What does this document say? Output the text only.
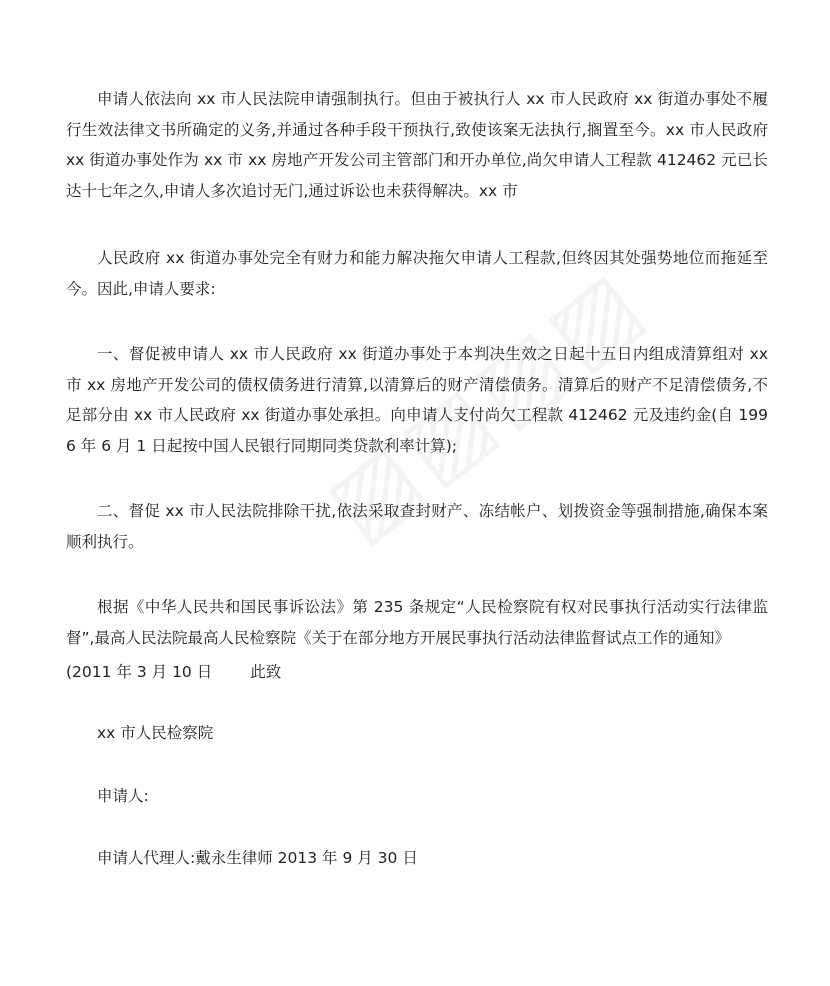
申请人依法向 xx 市人民法院申请强制执行。但由于被执行人 xx 市人民政府 xx 街道办事处不履行生效法律文书所确定的义务,并通过各种手段干预执行,致使该案无法执行,搁置至今。xx 市人民政府 xx 街道办事处作为 xx 市 xx 房地产开发公司主管部门和开办单位,尚欠申请人工程款 412462 元已长达十七年之久,申请人多次追讨无门,通过诉讼也未获得解决。xx 市

人民政府 xx 街道办事处完全有财力和能力解决拖欠申请人工程款,但终因其处强势地位而拖延至今。因此,申请人要求:

一、督促被申请人 xx 市人民政府 xx 街道办事处于本判决生效之日起十五日内组成清算组对 xx 市 xx 房地产开发公司的债权债务进行清算,以清算后的财产清偿债务。清算后的财产不足清偿债务,不足部分由 xx 市人民政府 xx 街道办事处承担。向申请人支付尚欠工程款 412462 元及违约金(自 1996 年 6 月 1 日起按中国人民银行同期同类贷款利率计算);

二、督促 xx 市人民法院排除干扰,依法采取查封财产、冻结帐户、划拨资金等强制措施,确保本案顺利执行。

根据《中华人民共和国民事诉讼法》第 235 条规定“人民检察院有权对民事执行活动实行法律监督”,最高人民法院最高人民检察院《关于在部分地方开展民事执行活动法律监督试点工作的通知》

(2011 年 3 月 10 日 此致

xx 市人民检察院

申请人:

申请人代理人:戴永生律师 2013 年 9 月 30 日
